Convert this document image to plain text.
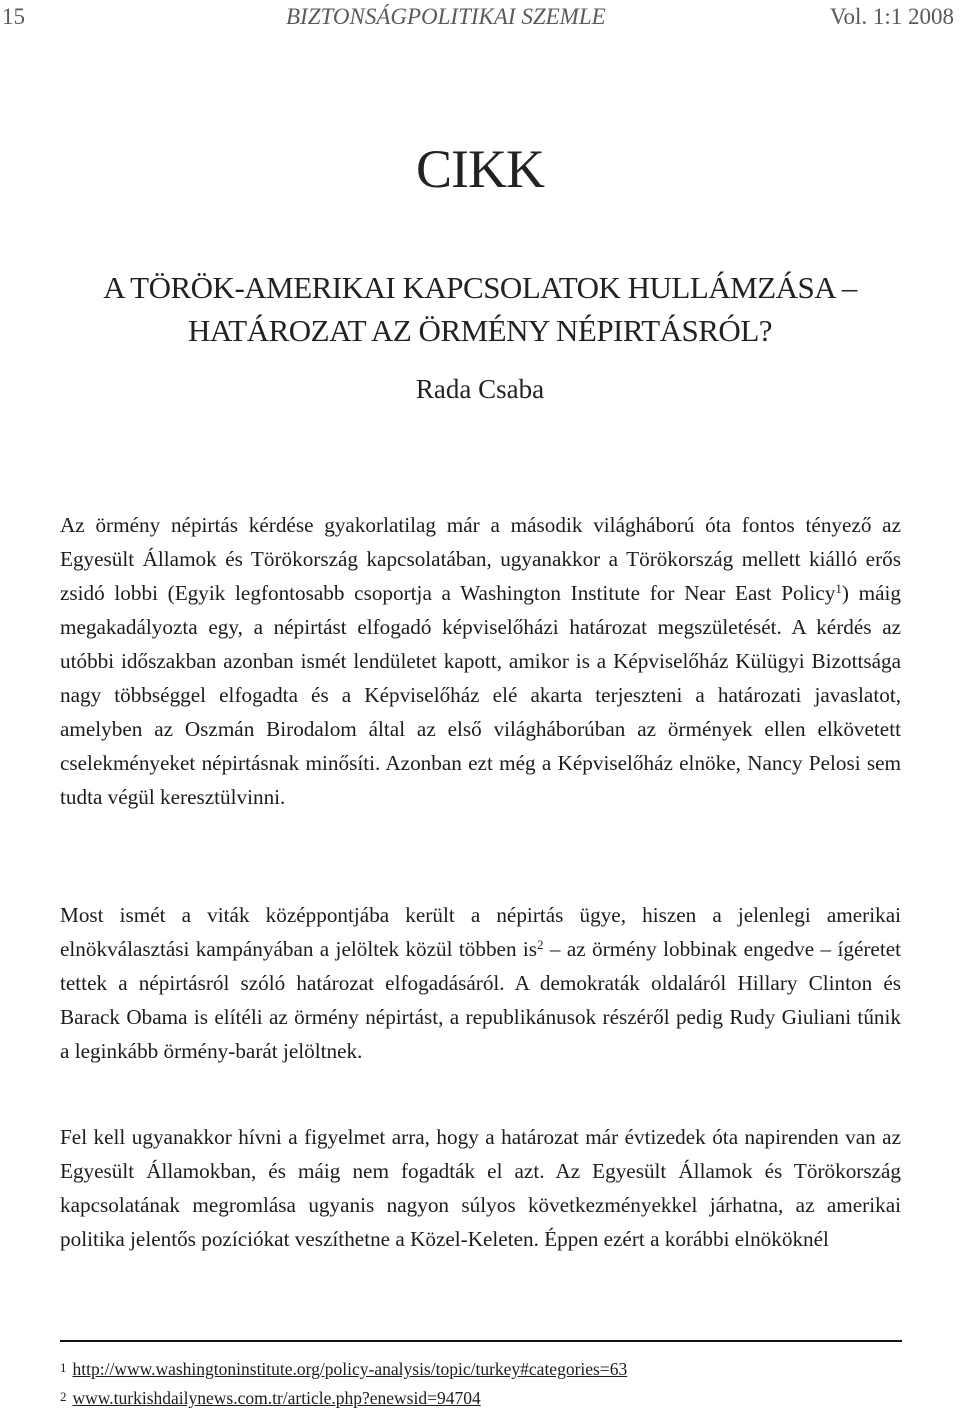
15	BIZTONSÁGPOLITIKAI SZEMLE	Vol. 1:1 2008
CIKK
A TÖRÖK-AMERIKAI KAPCSOLATOK HULLÁMZÁSA –
HATÁROZAT AZ ÖRMÉNY NÉPIRTÁSRÓL?
Rada Csaba

Az örmény népirtás kérdése gyakorlatilag már a második világháború óta fontos tényező az Egyesült Államok és Törökország kapcsolatában, ugyanakkor a Törökország mellett kiálló erős zsidó lobbi (Egyik legfontosabb csoportja a Washington Institute for Near East Policy$^1$) máig megakadályozta egy, a népirtást elfogadó képviselőházi határozat megszületését. A kérdés az utóbbi időszakban azonban ismét lendületet kapott, amikor is a Képviselőház Külügyi Bizottsága nagy többséggel elfogadta és a Képviselőház elé akarta terjeszteni a határozati javaslatot, amelyben az Oszmán Birodalom által az első világháborúban az örmények ellen elkövetett cselekményeket népirtásnak minősíti. Azonban ezt még a Képviselőház elnöke, Nancy Pelosi sem tudta végül keresztülvinni.

Most ismét a viták középpontjába került a népirtás ügye, hiszen a jelenlegi amerikai elnökválasztási kampányában a jelöltek közül többen $is^2$ – az örmény lobbinak engedve – ígéretet tettek a népirtásról szóló határozat elfogadásáról. A demokraták oldaláról Hillary Clinton és Barack Obama is elítéli az örmény népirtást, a republikánusok részéről pedig Rudy Giuliani tűnik a leginkább örmény-barát jelöltnek.

Fel kell ugyanakkor hívni a figyelmet arra, hogy a határozat már évtizedek óta napirenden van az Egyesült Államokban, és máig nem fogadták el azt. Az Egyesült Államok és Törökország kapcsolatának megromlása ugyanis nagyon súlyos következményekkel járhatna, az amerikai politika jelentős pozíciókat veszíthetne a Közel-Keleten. Éppen ezért a korábbi elnököknél

1 http://www.washingtoninstitute.org/policy-analysis/topic/turkey#categories=63
2 www.turkishdailynews.com.tr/article.php?enewsid=94704
